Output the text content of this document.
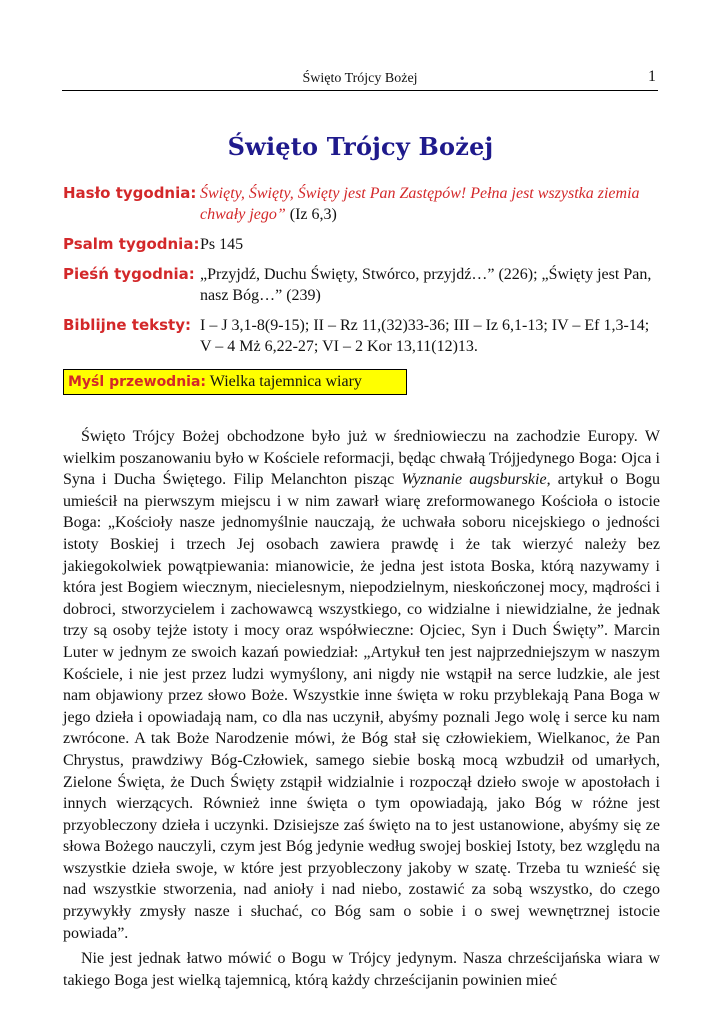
Święto Trójcy Bożej	1
Święto Trójcy Bożej
Hasło tygodnia: Święty, Święty, Święty jest Pan Zastępów! Pełna jest wszystka ziemia chwały jego” (Iz 6,3)
Psalm tygodnia: Ps 145
Pieśń tygodnia: „Przyjdź, Duchu Święty, Stwórco, przyjdź…” (226); „Święty jest Pan, nasz Bóg…” (239)
Biblijne teksty: I – J 3,1-8(9-15); II – Rz 11,(32)33-36; III – Iz 6,1-13; IV – Ef 1,3-14; V – 4 Mż 6,22-27; VI – 2 Kor 13,11(12)13.
Myśl przewodnia: Wielka tajemnica wiary

Święto Trójcy Bożej obchodzone było już w średniowieczu na zachodzie Europy. W wielkim poszanowaniu było w Kościele reformacji, będąc chwałą Trójjedynego Boga: Ojca i Syna i Ducha Świętego. Filip Melanchton pisząc Wyznanie augsburskie, artykuł o Bogu umieścił na pierwszym miejscu i w nim zawarł wiarę zreformowanego Kościoła o istocie Boga: „Kościoły nasze jednomyślnie nauczają, że uchwała soboru nicejskiego o jedności istoty Boskiej i trzech Jej osobach zawiera prawdę i że tak wierzyć należy bez jakiegokolwiek powątpiewania: mianowicie, że jedna jest istota Boska, którą nazywamy i która jest Bogiem wiecznym, niecielesnym, niepodzielnym, nieskończonej mocy, mądrości i dobroci, stworzycielem i zachowawcą wszystkiego, co widzialne i niewidzialne, że jednak trzy są osoby tejże istoty i mocy oraz współwieczne: Ojciec, Syn i Duch Święty”. Marcin Luter w jednym ze swoich kazań powiedział: „Artykuł ten jest najprzedniejszym w naszym Kościele, i nie jest przez ludzi wymyślony, ani nigdy nie wstąpił na serce ludzkie, ale jest nam objawiony przez słowo Boże. Wszystkie inne święta w roku przyblekają Pana Boga w jego dzieła i opowiadają nam, co dla nas uczynił, abyśmy poznali Jego wolę i serce ku nam zwrócone. A tak Boże Narodzenie mówi, że Bóg stał się człowiekiem, Wielkanoc, że Pan Chrystus, prawdziwy Bóg-Człowiek, samego siebie boską mocą wzbudził od umarłych, Zielone Święta, że Duch Święty zstąpił widzialnie i rozpoczął dzieło swoje w apostołach i innych wierzących. Również inne święta o tym opowiadają, jako Bóg w różne jest przyobleczony dzieła i uczynki. Dzisiejsze zaś święto na to jest ustanowione, abyśmy się ze słowa Bożego nauczyli, czym jest Bóg jedynie według swojej boskiej Istoty, bez względu na wszystkie dzieła swoje, w które jest przyobleczony jakoby w szatę. Trzeba tu wznieść się nad wszystkie stworzenia, nad anioły i nad niebo, zostawić za sobą wszystko, do czego przywykły zmysły nasze i słuchać, co Bóg sam o sobie i o swej wewnętrznej istocie powiada”.

Nie jest jednak łatwo mówić o Bogu w Trójcy jedynym. Nasza chrześcijańska wiara w takiego Boga jest wielką tajemnicą, którą każdy chrześcijanin powinien mieć
